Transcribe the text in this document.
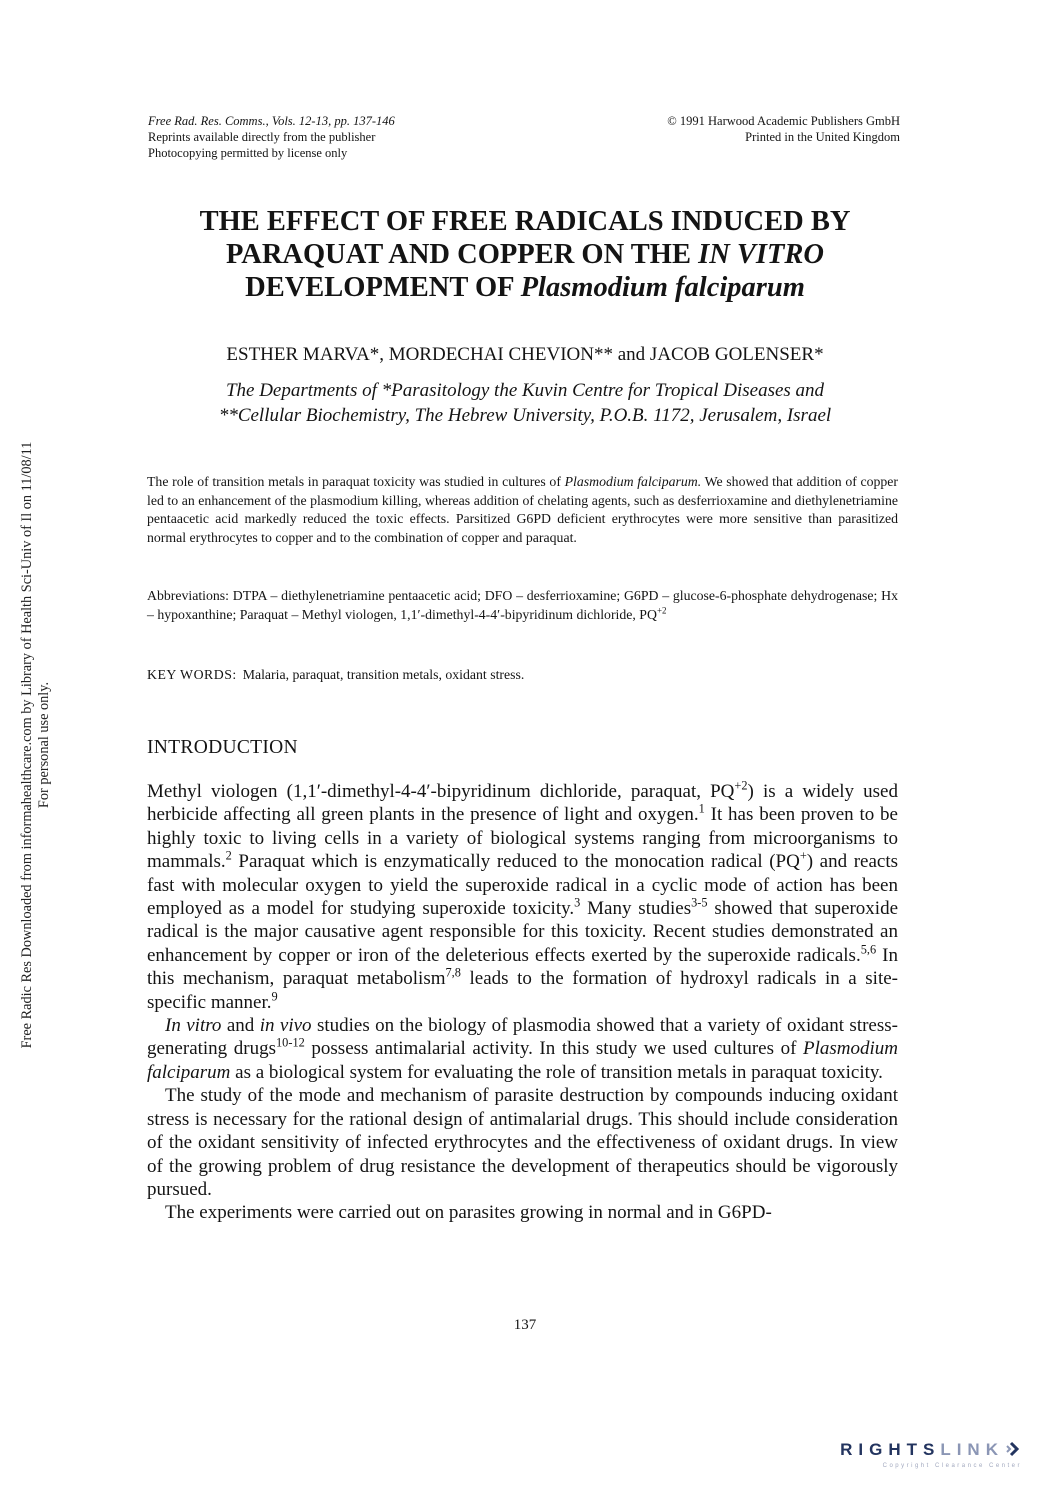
Free Rad. Res. Comms., Vols. 12-13, pp. 137-146
Reprints available directly from the publisher
Photocopying permitted by license only
© 1991 Harwood Academic Publishers GmbH
Printed in the United Kingdom
THE EFFECT OF FREE RADICALS INDUCED BY
PARAQUAT AND COPPER ON THE IN VITRO
DEVELOPMENT OF Plasmodium falciparum
ESTHER MARVA*, MORDECHAI CHEVION** and JACOB GOLENSER*
The Departments of *Parasitology the Kuvin Centre for Tropical Diseases and
**Cellular Biochemistry, The Hebrew University, P.O.B. 1172, Jerusalem, Israel
The role of transition metals in paraquat toxicity was studied in cultures of Plasmodium falciparum. We showed that addition of copper led to an enhancement of the plasmodium killing, whereas addition of chelating agents, such as desferrioxamine and diethylenetriamine pentaacetic acid markedly reduced the toxic effects. Parsitized G6PD deficient erythrocytes were more sensitive than parasitized normal erythrocytes to copper and to the combination of copper and paraquat.
Abbreviations: DTPA – diethylenetriamine pentaacetic acid; DFO – desferrioxamine; G6PD – glucose-6-phosphate dehydrogenase; Hx – hypoxanthine; Paraquat – Methyl viologen, 1,1′-dimethyl-4-4′-bipyridinum dichloride, $PQ^{+2}$
KEY WORDS: Malaria, paraquat, transition metals, oxidant stress.
INTRODUCTION

Methyl viologen (1,1′-dimethyl-4-4′-bipyridinum dichloride, paraquat, $PQ^{+2}$) is a widely used herbicide affecting all green plants in the presence of light and oxygen.$^1$ It has been proven to be highly toxic to living cells in a variety of biological systems ranging from microorganisms to mammals.$^2$ Paraquat which is enzymatically reduced to the monocation radical (PQ+) and reacts fast with molecular oxygen to yield the superoxide radical in a cyclic mode of action has been employed as a model for studying superoxide toxicity.$^3$ Many studies$^{3-5}$ showed that superoxide radical is the major causative agent responsible for this toxicity. Recent studies demonstrated an enhancement by copper or iron of the deleterious effects exerted by the superoxide radicals.$^{5,6}$ In this mechanism, paraquat metabolism$^{7,8}$ leads to the formation of hydroxyl radicals in a site-specific manner.$^9$

In vitro and in vivo studies on the biology of plasmodia showed that a variety of oxidant stress-generating drugs$^{10-12}$ possess antimalarial activity. In this study we used cultures of Plasmodium falciparum as a biological system for evaluating the role of transition metals in paraquat toxicity.

The study of the mode and mechanism of parasite destruction by compounds inducing oxidant stress is necessary for the rational design of antimalarial drugs. This should include consideration of the oxidant sensitivity of infected erythrocytes and the effectiveness of oxidant drugs. In view of the growing problem of drug resistance the development of therapeutics should be vigorously pursued.

The experiments were carried out on parasites growing in normal and in G6PD-

137
Free Radic Res Downloaded from informahealthcare.com by Library of Health Sci-Univ of Il on 11/08/11 For personal use only.
RIGHTSLINK
Copyright Clearance Center
